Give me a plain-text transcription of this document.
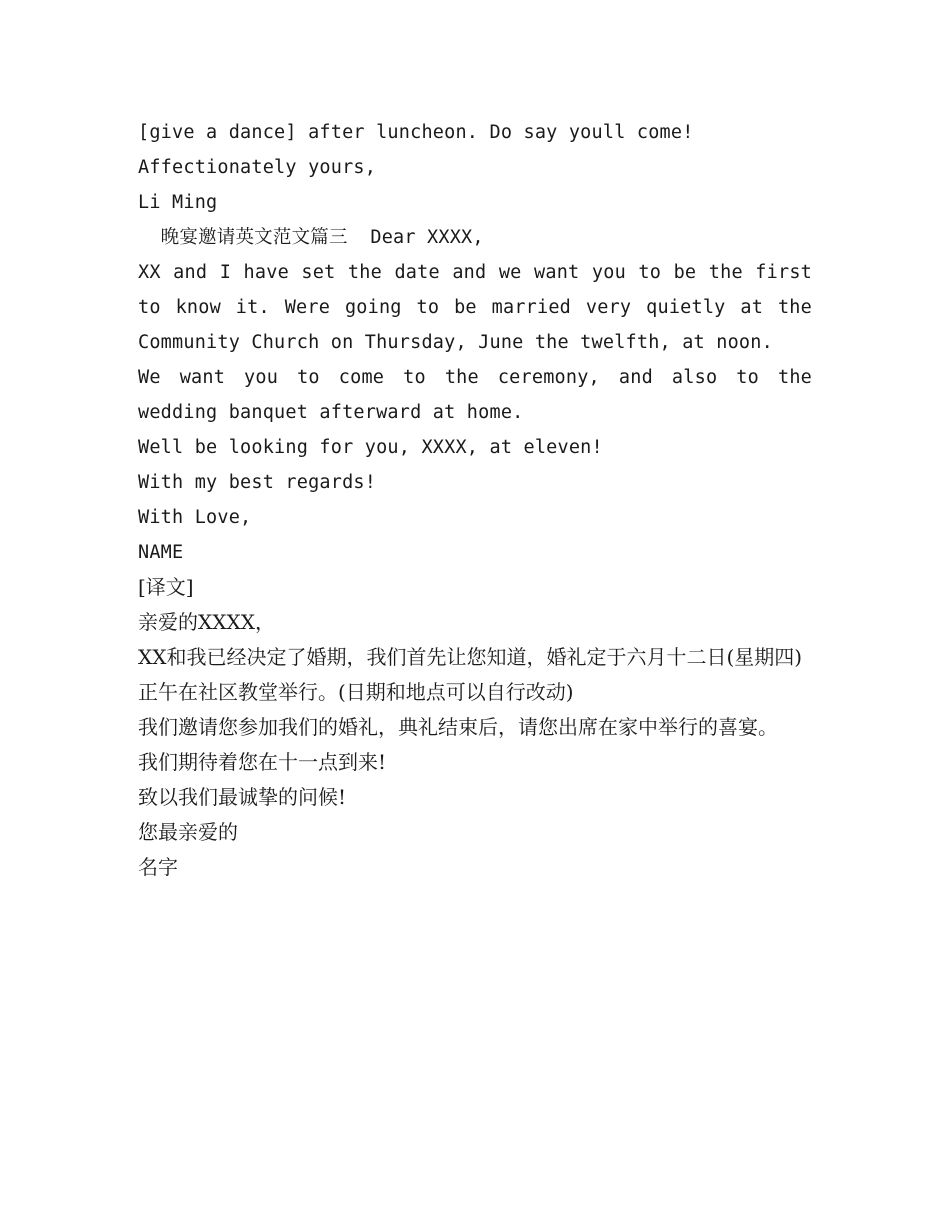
[give a dance] after luncheon. Do say youll come!
Affectionately yours,
Li Ming
晚宴邀请英文范文篇三  Dear XXXX,
XX and I have set the date and we want you to be the first to know it. Were going to be married very quietly at the Community Church on Thursday, June the twelfth, at noon.
We want you to come to the ceremony, and also to the wedding banquet afterward at home.
Well be looking for you, XXXX, at eleven!
With my best regards!
With Love,
NAME
[译文]
亲爱的XXXX，
XX和我已经决定了婚期，我们首先让您知道，婚礼定于六月十二日(星期四)正午在社区教堂举行。(日期和地点可以自行改动)
我们邀请您参加我们的婚礼，典礼结束后，请您出席在家中举行的喜宴。
我们期待着您在十一点到来!
致以我们最诚挚的问候!
您最亲爱的
名字
